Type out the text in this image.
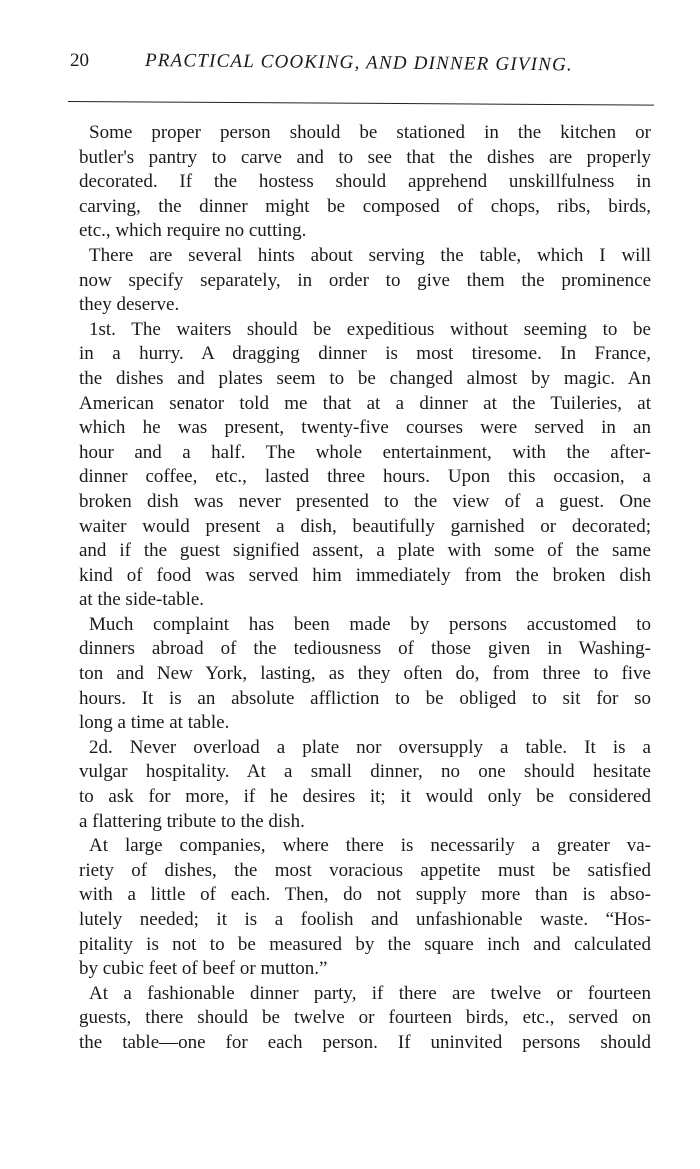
20	PRACTICAL COOKING, AND DINNER GIVING.
Some proper person should be stationed in the kitchen or
butler's pantry to carve and to see that the dishes are properly
decorated. If the hostess should apprehend unskillfulness in
carving, the dinner might be composed of chops, ribs, birds,
etc., which require no cutting.
There are several hints about serving the table, which I will
now specify separately, in order to give them the prominence
they deserve.
1st. The waiters should be expeditious without seeming to be
in a hurry. A dragging dinner is most tiresome. In France,
the dishes and plates seem to be changed almost by magic. An
American senator told me that at a dinner at the Tuileries, at
which he was present, twenty-five courses were served in an
hour and a half. The whole entertainment, with the after-
dinner coffee, etc., lasted three hours. Upon this occasion, a
broken dish was never presented to the view of a guest. One
waiter would present a dish, beautifully garnished or decorated;
and if the guest signified assent, a plate with some of the same
kind of food was served him immediately from the broken dish
at the side-table.
Much complaint has been made by persons accustomed to
dinners abroad of the tediousness of those given in Washing-
ton and New York, lasting, as they often do, from three to five
hours. It is an absolute affliction to be obliged to sit for so
long a time at table.
2d. Never overload a plate nor oversupply a table. It is a
vulgar hospitality. At a small dinner, no one should hesitate
to ask for more, if he desires it; it would only be considered
a flattering tribute to the dish.
At large companies, where there is necessarily a greater va-
riety of dishes, the most voracious appetite must be satisfied
with a little of each. Then, do not supply more than is abso-
lutely needed; it is a foolish and unfashionable waste. “Hos-
pitality is not to be measured by the square inch and calculated
by cubic feet of beef or mutton.”
At a fashionable dinner party, if there are twelve or fourteen
guests, there should be twelve or fourteen birds, etc., served on
the table—one for each person. If uninvited persons should
